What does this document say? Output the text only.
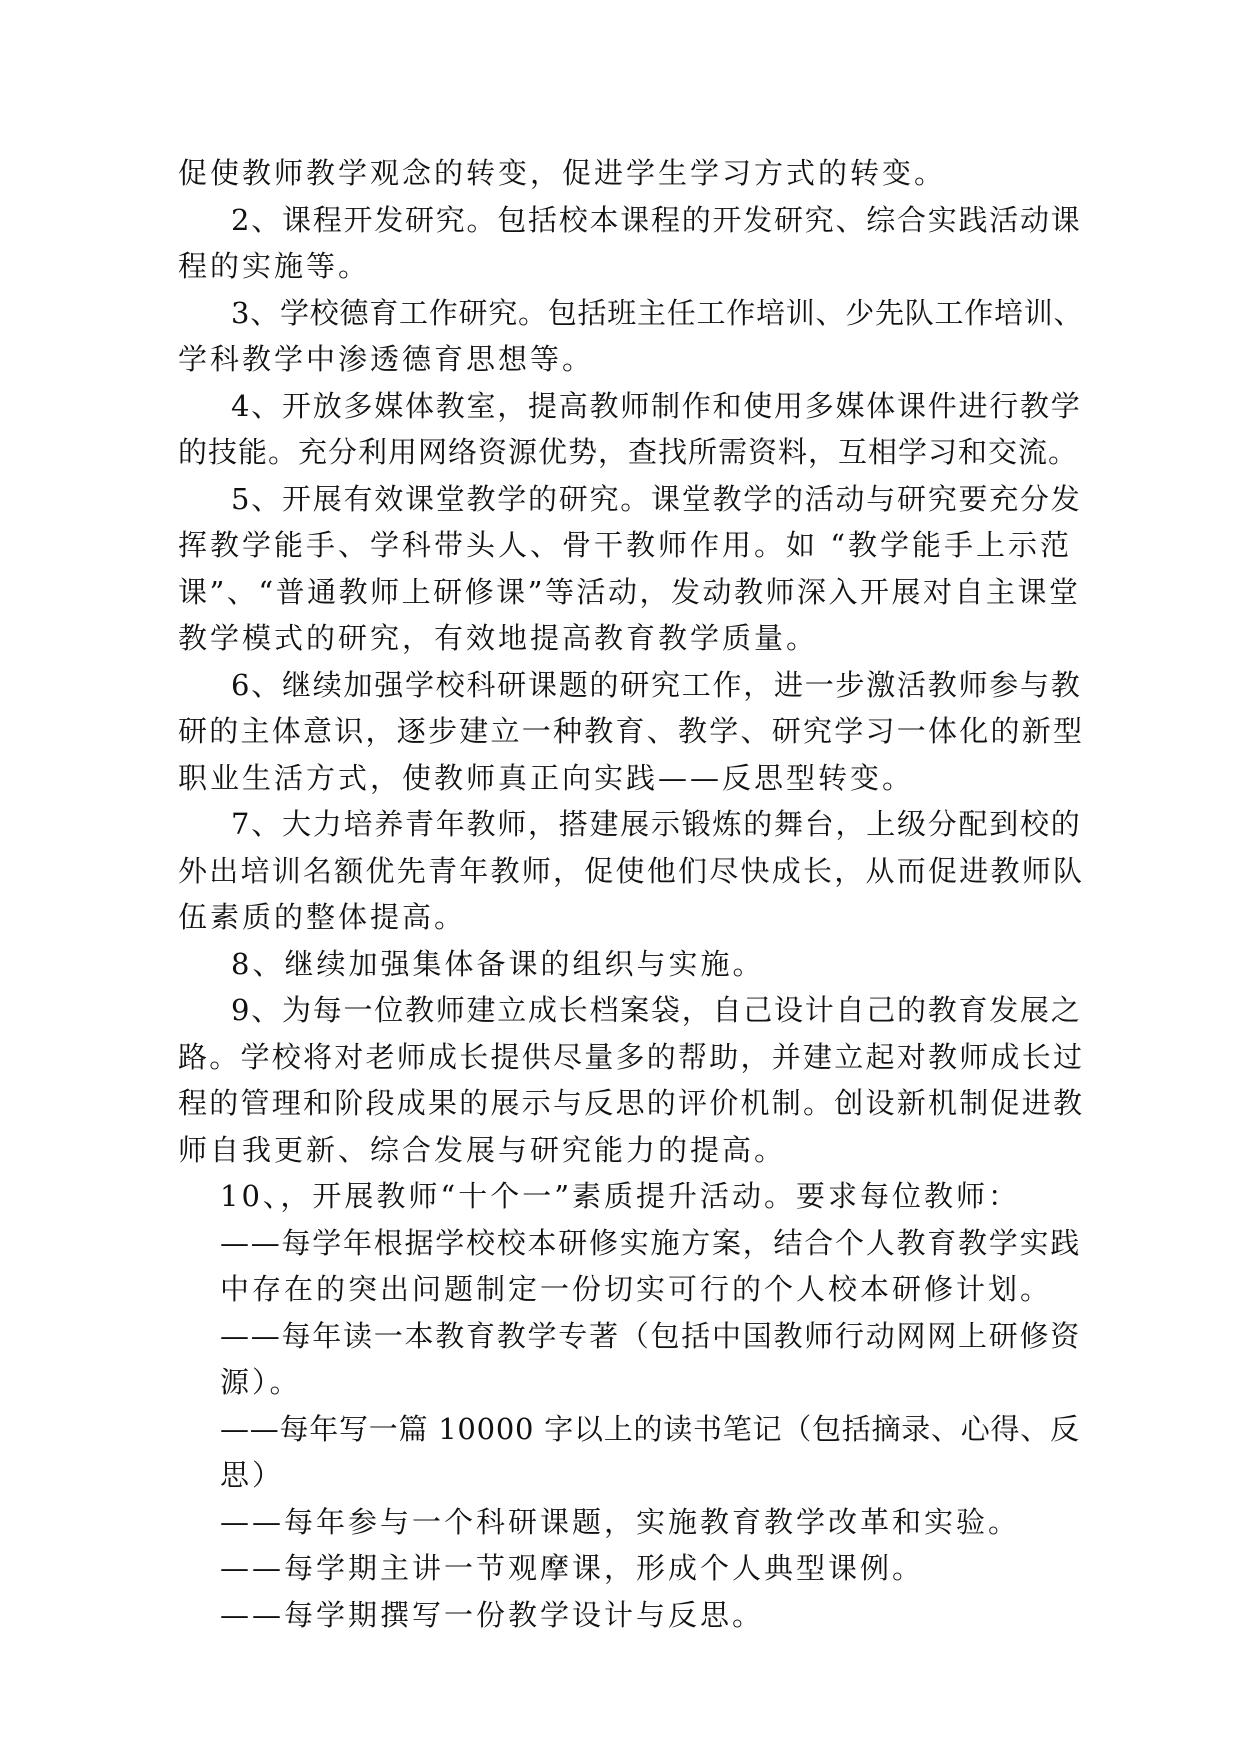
促使教师教学观念的转变，促进学生学习方式的转变。
2、课程开发研究。包括校本课程的开发研究、综合实践活动课
程的实施等。
3、学校德育工作研究。包括班主任工作培训、少先队工作培训、
学科教学中渗透德育思想等。
4、开放多媒体教室，提高教师制作和使用多媒体课件进行教学
的技能。充分利用网络资源优势，查找所需资料，互相学习和交流。
5、开展有效课堂教学的研究。课堂教学的活动与研究要充分发
挥教学能手、学科带头人、骨干教师作用。如 “教学能手上示范
课”、“普通教师上研修课”等活动，发动教师深入开展对自主课堂
教学模式的研究，有效地提高教育教学质量。
6、继续加强学校科研课题的研究工作，进一步激活教师参与教
研的主体意识，逐步建立一种教育、教学、研究学习一体化的新型
职业生活方式，使教师真正向实践——反思型转变。
7、大力培养青年教师，搭建展示锻炼的舞台，上级分配到校的
外出培训名额优先青年教师，促使他们尽快成长，从而促进教师队
伍素质的整体提高。
8、继续加强集体备课的组织与实施。
9、为每一位教师建立成长档案袋，自己设计自己的教育发展之
路。学校将对老师成长提供尽量多的帮助，并建立起对教师成长过
程的管理和阶段成果的展示与反思的评价机制。创设新机制促进教
师自我更新、综合发展与研究能力的提高。
10、，开展教师“十个一”素质提升活动。要求每位教师：
——每学年根据学校校本研修实施方案，结合个人教育教学实践
中存在的突出问题制定一份切实可行的个人校本研修计划。
——每年读一本教育教学专著（包括中国教师行动网网上研修资
源）。
——每年写一篇 10000 字以上的读书笔记（包括摘录、心得、反
思）
——每年参与一个科研课题，实施教育教学改革和实验。
——每学期主讲一节观摩课，形成个人典型课例。
——每学期撰写一份教学设计与反思。
